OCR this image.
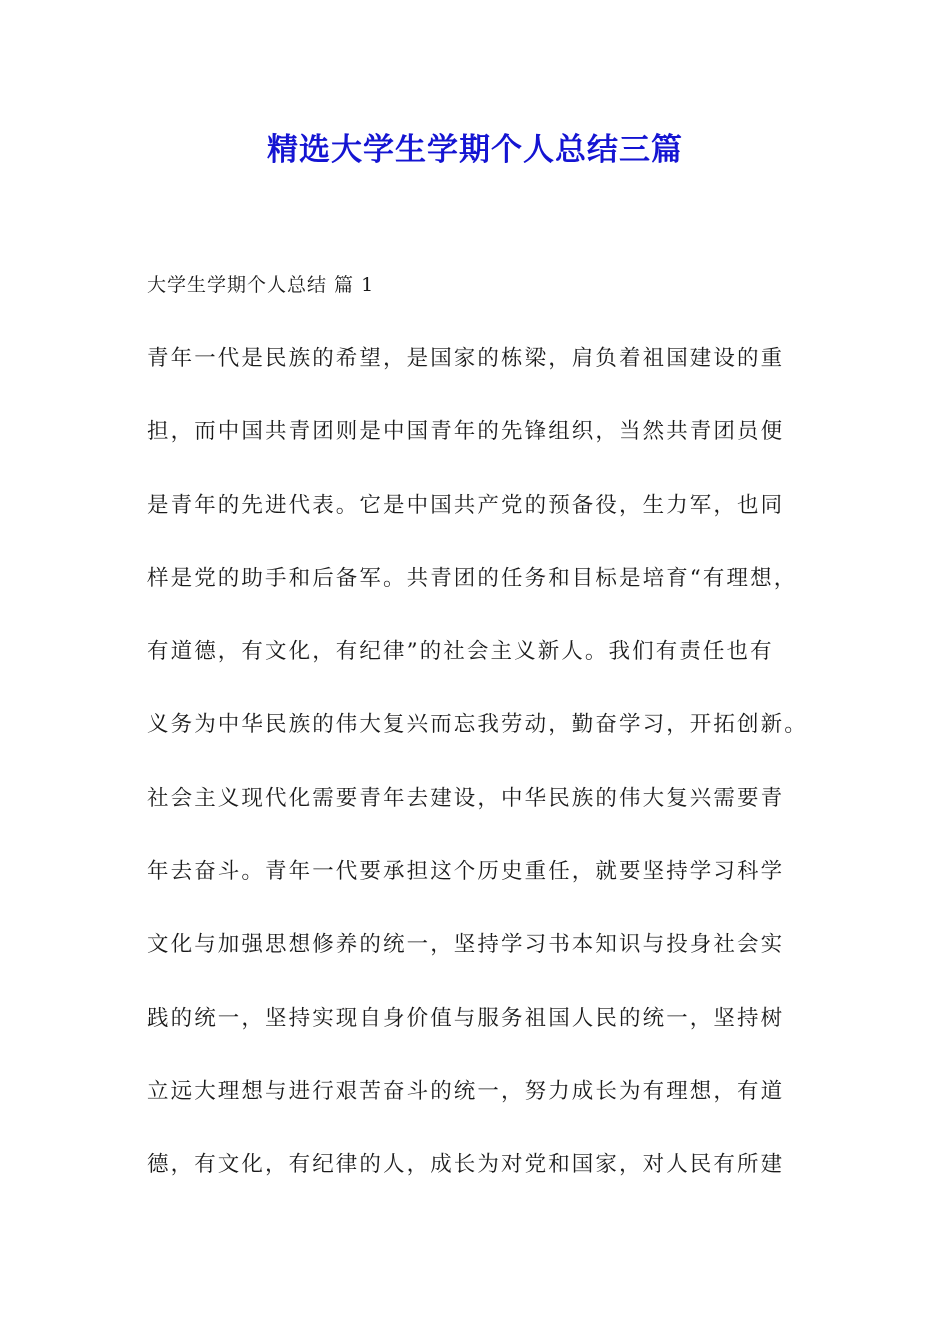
精选大学生学期个人总结三篇

大学生学期个人总结 篇 1

青年一代是民族的希望，是国家的栋梁，肩负着祖国建设的重
担，而中国共青团则是中国青年的先锋组织，当然共青团员便
是青年的先进代表。它是中国共产党的预备役，生力军，也同
样是党的助手和后备军。共青团的任务和目标是培育“有理想，
有道德，有文化，有纪律”的社会主义新人。我们有责任也有
义务为中华民族的伟大复兴而忘我劳动，勤奋学习，开拓创新。
社会主义现代化需要青年去建设，中华民族的伟大复兴需要青
年去奋斗。青年一代要承担这个历史重任，就要坚持学习科学
文化与加强思想修养的统一，坚持学习书本知识与投身社会实
践的统一，坚持实现自身价值与服务祖国人民的统一，坚持树
立远大理想与进行艰苦奋斗的统一，努力成长为有理想，有道
德，有文化，有纪律的人，成长为对党和国家，对人民有所建
